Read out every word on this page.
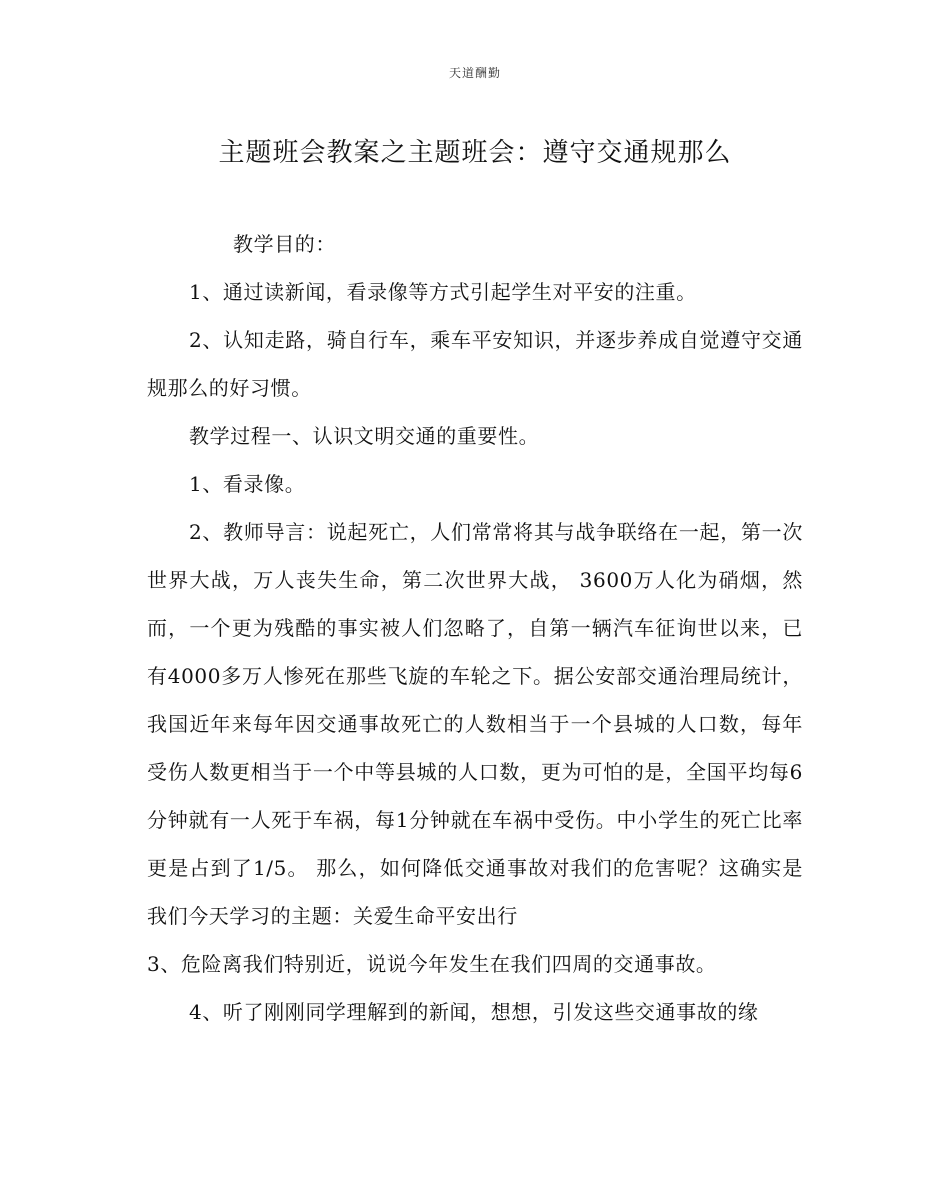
天道酬勤
主题班会教案之主题班会：遵守交通规那么

教学目的：

1、通过读新闻，看录像等方式引起学生对平安的注重。

2、认知走路，骑自行车，乘车平安知识，并逐步养成自觉遵守交通规那么的好习惯。

教学过程一、认识文明交通的重要性。

1、看录像。

2、教师导言：说起死亡，人们常常将其与战争联络在一起，第一次世界大战，万人丧失生命，第二次世界大战， 3600万人化为硝烟，然而，一个更为残酷的事实被人们忽略了，自第一辆汽车征询世以来，已有4000多万人惨死在那些飞旋的车轮之下。据公安部交通治理局统计，我国近年来每年因交通事故死亡的人数相当于一个县城的人口数，每年受伤人数更相当于一个中等县城的人口数，更为可怕的是，全国平均每6分钟就有一人死于车祸，每1分钟就在车祸中受伤。中小学生的死亡比率更是占到了1/5。 那么，如何降低交通事故对我们的危害呢？这确实是我们今天学习的主题：关爱生命平安出行

3、危险离我们特别近，说说今年发生在我们四周的交通事故。

4、听了刚刚同学理解到的新闻，想想，引发这些交通事故的缘
